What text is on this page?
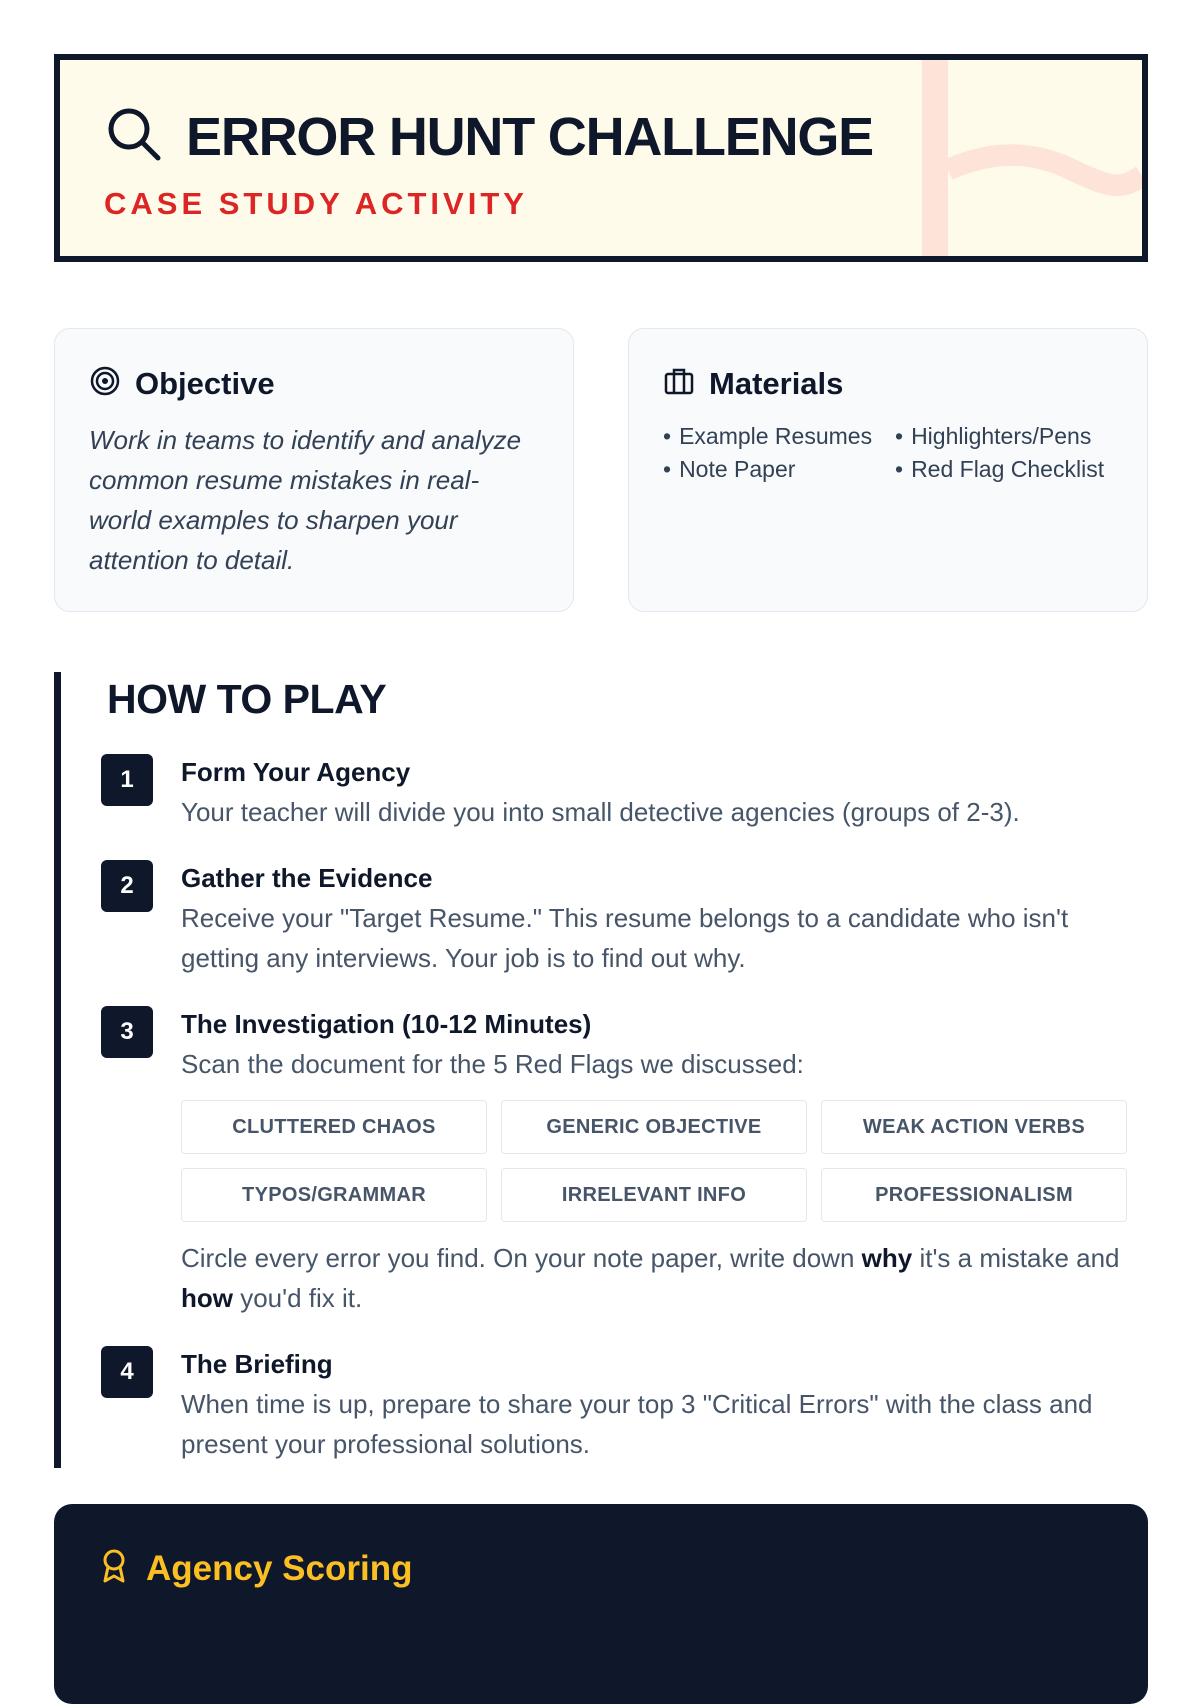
ERROR HUNT CHALLENGE
CASE STUDY ACTIVITY
Objective
Work in teams to identify and analyze common resume mistakes in real-world examples to sharpen your attention to detail.
Materials
• Example Resumes • Highlighters/Pens
• Note Paper	• Red Flag Checklist
HOW TO PLAY
1	Form Your Agency
Your teacher will divide you into small detective agencies (groups of 2-3).
2	Gather the Evidence
Receive your "Target Resume." This resume belongs to a candidate who isn't getting any interviews. Your job is to find out why.
3	The Investigation (10-12 Minutes)
Scan the document for the 5 Red Flags we discussed:
CLUTTERED CHAOS	GENERIC OBJECTIVE	WEAK ACTION VERBS
TYPOS/GRAMMAR	IRRELEVANT INFO	PROFESSIONALISM
Circle every error you find. On your note paper, write down why it's a mistake and how you'd fix it.
4	The Briefing
When time is up, prepare to share your top 3 "Critical Errors" with the class and present your professional solutions.
Agency Scoring
